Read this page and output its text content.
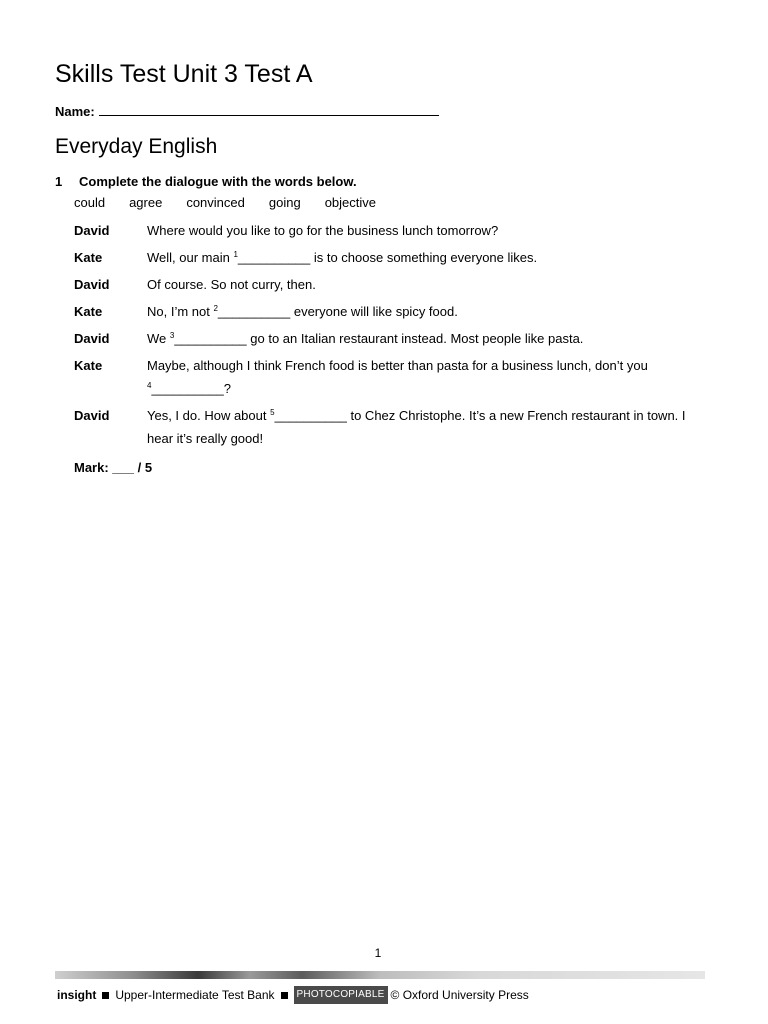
Skills Test Unit 3 Test A
Name:
Everyday English
1 Complete the dialogue with the words below.
could agree convinced going objective
David	Where would you like to go for the business lunch tomorrow?
Kate	Well, our main $^1$__________ is to choose something everyone likes.
David	Of course. So not curry, then.
Kate	No, I’m not $^2$__________ everyone will like spicy food.
David	We $^3$__________ go to an Italian restaurant instead. Most people like pasta.
Kate	Maybe, although I think French food is better than pasta for a business lunch, don’t you $^4$__________?
David	Yes, I do. How about $^5$__________ to Chez Christophe. It’s a new French restaurant in town. I hear it’s really good!
Mark: ___ / 5
1
insight Upper-Intermediate Test Bank	PHOTOCOPIABLE © Oxford University Press
